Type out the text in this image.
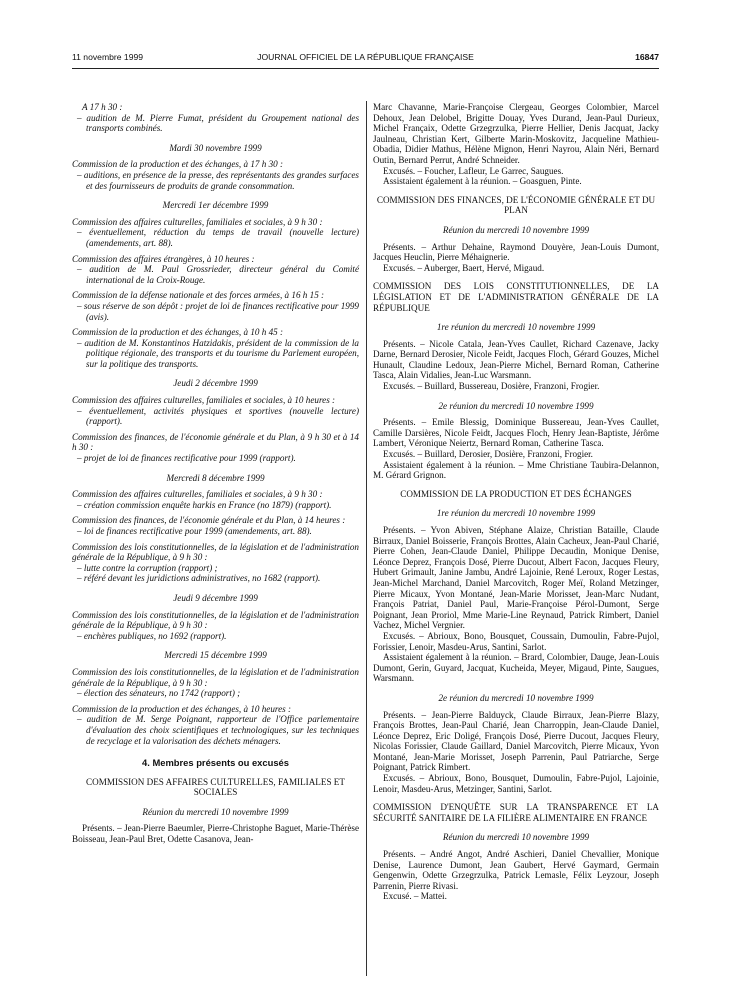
11 novembre 1999	JOURNAL OFFICIEL DE LA RÉPUBLIQUE FRANÇAISE	16847

A 17 h 30 :

– audition de M. Pierre Fumat, président du Groupement national des transports combinés.

Mardi 30 novembre 1999

Commission de la production et des échanges, à 17 h 30 :

– auditions, en présence de la presse, des représentants des grandes surfaces et des fournisseurs de produits de grande consommation.

Mercredi 1er décembre 1999

Commission des affaires culturelles, familiales et sociales, à 9 h 30 :

– éventuellement, réduction du temps de travail (nouvelle lecture) (amendements, art. 88).

Commission des affaires étrangères, à 10 heures :

– audition de M. Paul Grossrieder, directeur général du Comité international de la Croix-Rouge.

Commission de la défense nationale et des forces armées, à 16 h 15 :

– sous réserve de son dépôt : projet de loi de finances rectificative pour 1999 (avis).

Commission de la production et des échanges, à 10 h 45 :

– audition de M. Konstantinos Hatzidakis, président de la commission de la politique régionale, des transports et du tourisme du Parlement européen, sur la politique des transports.

Jeudi 2 décembre 1999

Commission des affaires culturelles, familiales et sociales, à 10 heures :

– éventuellement, activités physiques et sportives (nouvelle lecture) (rapport).

Commission des finances, de l'économie générale et du Plan, à 9 h 30 et à 14 h 30 :

– projet de loi de finances rectificative pour 1999 (rapport).

Mercredi 8 décembre 1999

Commission des affaires culturelles, familiales et sociales, à 9 h 30 :

– création commission enquête harkis en France (no 1879) (rapport).

Commission des finances, de l'économie générale et du Plan, à 14 heures :

– loi de finances rectificative pour 1999 (amendements, art. 88).

Commission des lois constitutionnelles, de la législation et de l'administration générale de la République, à 9 h 30 :

– lutte contre la corruption (rapport) ;

– référé devant les juridictions administratives, no 1682 (rapport).

Jeudi 9 décembre 1999

Commission des lois constitutionnelles, de la législation et de l'administration générale de la République, à 9 h 30 :

– enchères publiques, no 1692 (rapport).

Mercredi 15 décembre 1999

Commission des lois constitutionnelles, de la législation et de l'administration générale de la République, à 9 h 30 :

– élection des sénateurs, no 1742 (rapport) ;

Commission de la production et des échanges, à 10 heures :

– audition de M. Serge Poignant, rapporteur de l'Office parlementaire d'évaluation des choix scientifiques et technologiques, sur les techniques de recyclage et la valorisation des déchets ménagers.

4. Membres présents ou excusés

COMMISSION DES AFFAIRES CULTURELLES, FAMILIALES ET SOCIALES

Réunion du mercredi 10 novembre 1999

Présents. – Jean-Pierre Baeumler, Pierre-Christophe Baguet, Marie-Thérèse Boisseau, Jean-Paul Bret, Odette Casanova, Jean-

Marc Chavanne, Marie-Françoise Clergeau, Georges Colombier, Marcel Dehoux, Jean Delobel, Brigitte Douay, Yves Durand, Jean-Paul Durieux, Michel Françaix, Odette Grzegrzulka, Pierre Hellier, Denis Jacquat, Jacky Jaulneau, Christian Kert, Gilberte Marin-Moskovitz, Jacqueline Mathieu-Obadia, Didier Mathus, Hélène Mignon, Henri Nayrou, Alain Néri, Bernard Outin, Bernard Perrut, André Schneider.

Excusés. – Foucher, Lafleur, Le Garrec, Saugues.

Assistaient également à la réunion. – Goasguen, Pinte.

COMMISSION DES FINANCES, DE L'ÉCONOMIE GÉNÉRALE ET DU PLAN

Réunion du mercredi 10 novembre 1999

Présents. – Arthur Dehaine, Raymond Douyère, Jean-Louis Dumont, Jacques Heuclin, Pierre Méhaignerie.

Excusés. – Auberger, Baert, Hervé, Migaud.

COMMISSION DES LOIS CONSTITUTIONNELLES, DE LA LÉGISLATION ET DE L'ADMINISTRATION GÉNÉRALE DE LA RÉPUBLIQUE

1re réunion du mercredi 10 novembre 1999

Présents. – Nicole Catala, Jean-Yves Caullet, Richard Cazenave, Jacky Darne, Bernard Derosier, Nicole Feidt, Jacques Floch, Gérard Gouzes, Michel Hunault, Claudine Ledoux, Jean-Pierre Michel, Bernard Roman, Catherine Tasca, Alain Vidalies, Jean-Luc Warsmann.

Excusés. – Buillard, Bussereau, Dosière, Franzoni, Frogier.

2e réunion du mercredi 10 novembre 1999

Présents. – Emile Blessig, Dominique Bussereau, Jean-Yves Caullet, Camille Darsières, Nicole Feidt, Jacques Floch, Henry Jean-Baptiste, Jérôme Lambert, Véronique Neiertz, Bernard Roman, Catherine Tasca.

Excusés. – Buillard, Derosier, Dosière, Franzoni, Frogier.

Assistaient également à la réunion. – Mme Christiane Taubira-Delannon, M. Gérard Grignon.

COMMISSION DE LA PRODUCTION ET DES ÉCHANGES

1re réunion du mercredi 10 novembre 1999

Présents. – Yvon Abiven, Stéphane Alaize, Christian Bataille, Claude Birraux, Daniel Boisserie, François Brottes, Alain Cacheux, Jean-Paul Charié, Pierre Cohen, Jean-Claude Daniel, Philippe Decaudin, Monique Denise, Léonce Deprez, François Dosé, Pierre Ducout, Albert Facon, Jacques Fleury, Hubert Grimault, Janine Jambu, André Lajoinie, René Leroux, Roger Lestas, Jean-Michel Marchand, Daniel Marcovitch, Roger Meï, Roland Metzinger, Pierre Micaux, Yvon Montané, Jean-Marie Morisset, Jean-Marc Nudant, François Patriat, Daniel Paul, Marie-Françoise Pérol-Dumont, Serge Poignant, Jean Proriol, Mme Marie-Line Reynaud, Patrick Rimbert, Daniel Vachez, Michel Vergnier.

Excusés. – Abrioux, Bono, Bousquet, Coussain, Dumoulin, Fabre-Pujol, Forissier, Lenoir, Masdeu-Arus, Santini, Sarlot.

Assistaient également à la réunion. – Brard, Colombier, Dauge, Jean-Louis Dumont, Gerin, Guyard, Jacquat, Kucheida, Meyer, Migaud, Pinte, Saugues, Warsmann.

2e réunion du mercredi 10 novembre 1999

Présents. – Jean-Pierre Balduyck, Claude Birraux, Jean-Pierre Blazy, François Brottes, Jean-Paul Charié, Jean Charroppin, Jean-Claude Daniel, Léonce Deprez, Eric Doligé, François Dosé, Pierre Ducout, Jacques Fleury, Nicolas Forissier, Claude Gaillard, Daniel Marcovitch, Pierre Micaux, Yvon Montané, Jean-Marie Morisset, Joseph Parrenin, Paul Patriarche, Serge Poignant, Patrick Rimbert.

Excusés. – Abrioux, Bono, Bousquet, Dumoulin, Fabre-Pujol, Lajoinie, Lenoir, Masdeu-Arus, Metzinger, Santini, Sarlot.

COMMISSION D'ENQUÊTE SUR LA TRANSPARENCE ET LA SÉCURITÉ SANITAIRE DE LA FILIÈRE ALIMENTAIRE EN FRANCE

Réunion du mercredi 10 novembre 1999

Présents. – André Angot, André Aschieri, Daniel Chevallier, Monique Denise, Laurence Dumont, Jean Gaubert, Hervé Gaymard, Germain Gengenwin, Odette Grzegrzulka, Patrick Lemasle, Félix Leyzour, Joseph Parrenin, Pierre Rivasi.

Excusé. – Mattei.
